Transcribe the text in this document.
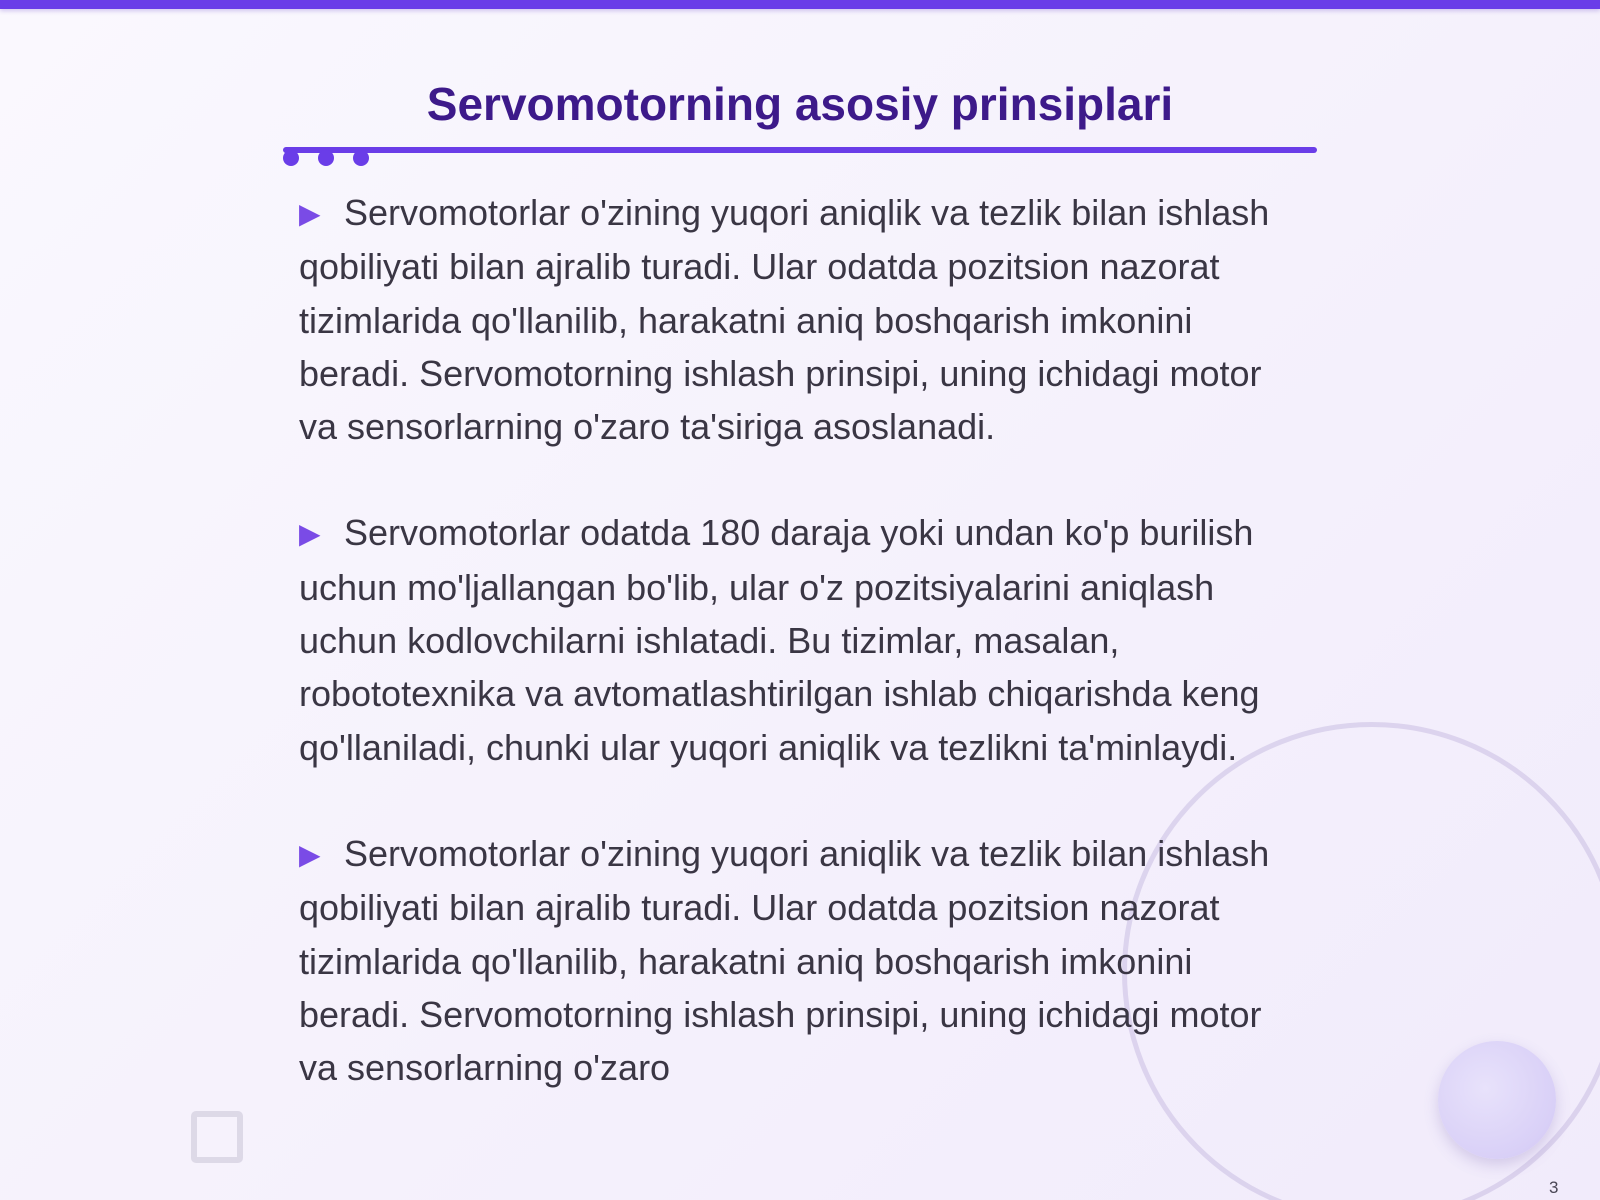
Servomotorning asosiy prinsiplari

▶ Servomotorlar o'zining yuqori aniqlik va tezlik bilan ishlash qobiliyati bilan ajralib turadi. Ular odatda pozitsion nazorat tizimlarida qo'llanilib, harakatni aniq boshqarish imkonini beradi. Servomotorning ishlash prinsipi, uning ichidagi motor va sensorlarning o'zaro ta'siriga asoslanadi.

▶ Servomotorlar odatda 180 daraja yoki undan ko'p burilish uchun mo'ljallangan bo'lib, ular o'z pozitsiyalarini aniqlash uchun kodlovchilarni ishlatadi. Bu tizimlar, masalan, robototexnika va avtomatlashtirilgan ishlab chiqarishda keng qo'llaniladi, chunki ular yuqori aniqlik va tezlikni ta'minlaydi.

▶ Servomotorlar o'zining yuqori aniqlik va tezlik bilan ishlash qobiliyati bilan ajralib turadi. Ular odatda pozitsion nazorat tizimlarida qo'llanilib, harakatni aniq boshqarish imkonini beradi. Servomotorning ishlash prinsipi, uning ichidagi motor va sensorlarning o'zaro

3
